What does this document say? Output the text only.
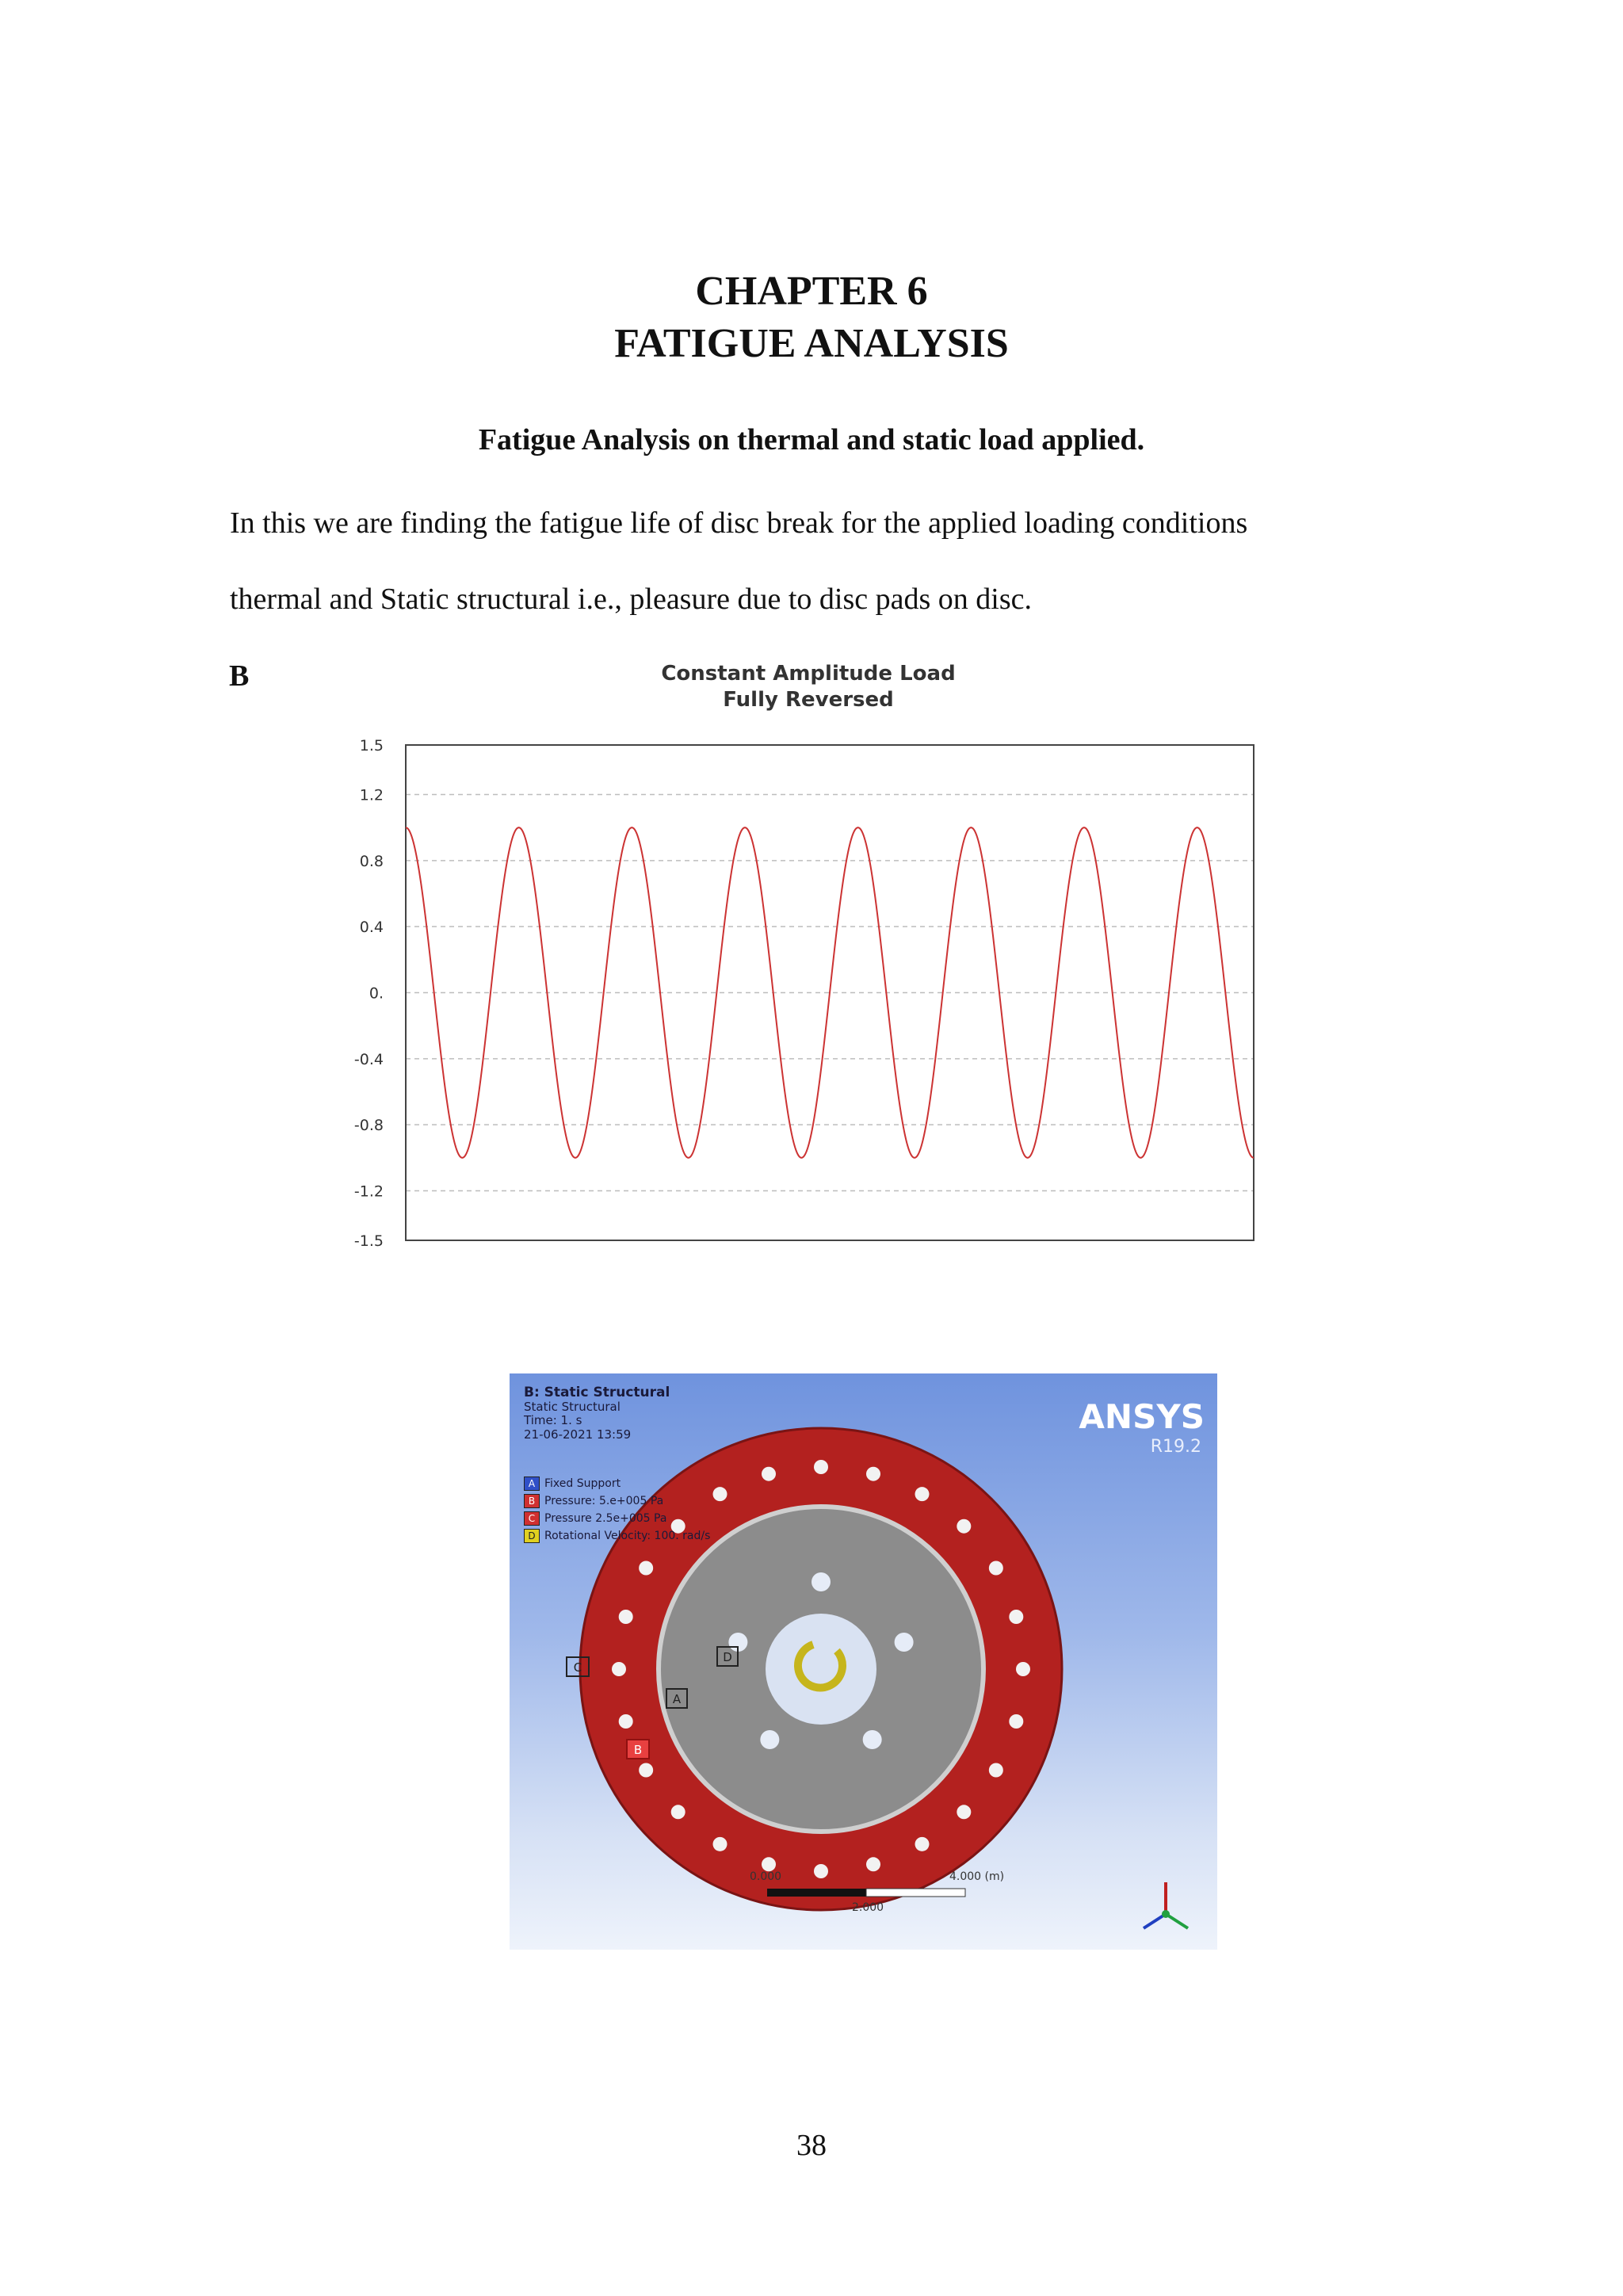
CHAPTER 6
FATIGUE ANALYSIS
Fatigue Analysis on thermal and static load applied.
In this we are finding the fatigue life of disc break for the applied loading conditions
thermal and Static structural i.e., pleasure due to disc pads on disc.
B	Constant Amplitude Load
Fully Reversed
1.5
1.2
0.8
0.4
0.
-0.4
-0.8
-1.2
-1.5
D
A
C
B
B: Static Structural
Static Structural
Time: 1. s
21-06-2021 13:59
A Fixed Support
B Pressure: 5.e+005 Pa
C Pressure 2.5e+005 Pa
D Rotational Velocity: 100. rad/s
ANSYS
R19.2
0.000	4.000 (m)
2.000
38
